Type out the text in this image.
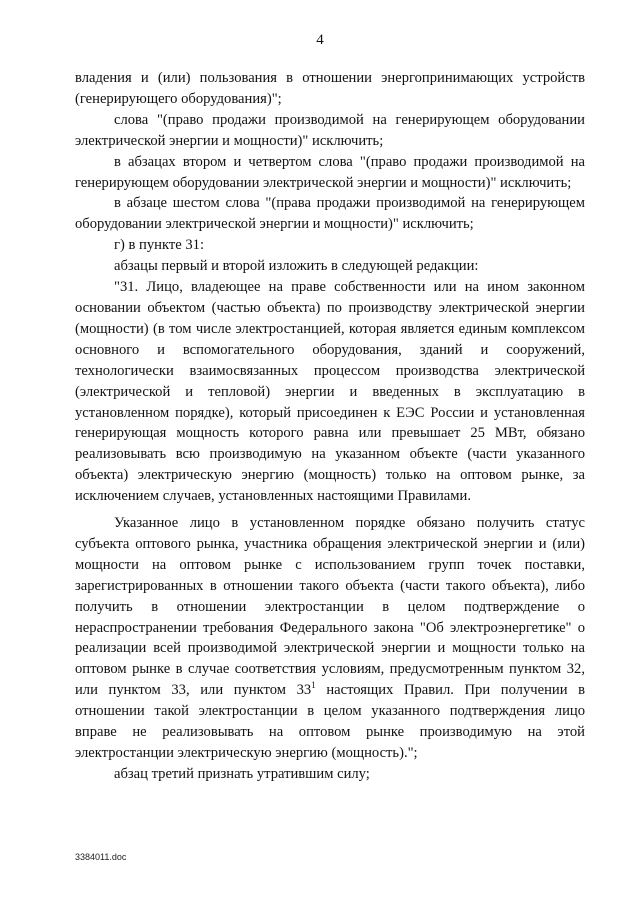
4

владения и (или) пользования в отношении энергопринимающих устройств (генерирующего оборудования)";

слова "(право продажи производимой на генерирующем оборудовании электрической энергии и мощности)" исключить;

в абзацах втором и четвертом слова "(право продажи производимой на генерирующем оборудовании электрической энергии и мощности)" исключить;

в абзаце шестом слова "(права продажи производимой на генерирующем оборудовании электрической энергии и мощности)" исключить;

г) в пункте 31:

абзацы первый и второй изложить в следующей редакции:

"31. Лицо, владеющее на праве собственности или на ином законном основании объектом (частью объекта) по производству электрической энергии (мощности) (в том числе электростанцией, которая является единым комплексом основного и вспомогательного оборудования, зданий и сооружений, технологически взаимосвязанных процессом производства электрической (электрической и тепловой) энергии и введенных в эксплуатацию в установленном порядке), который присоединен к ЕЭС России и установленная генерирующая мощность которого равна или превышает 25 МВт, обязано реализовывать всю производимую на указанном объекте (части указанного объекта) электрическую энергию (мощность) только на оптовом рынке, за исключением случаев, установленных настоящими Правилами.

Указанное лицо в установленном порядке обязано получить статус субъекта оптового рынка, участника обращения электрической энергии и (или) мощности на оптовом рынке с использованием групп точек поставки, зарегистрированных в отношении такого объекта (части такого объекта), либо получить в отношении электростанции в целом подтверждение о нераспространении требования Федерального закона "Об электроэнергетике" о реализации всей производимой электрической энергии и мощности только на оптовом рынке в случае соответствия условиям, предусмотренным пунктом 32, или пунктом 33, или пунктом $33^1$ настоящих Правил. При получении в отношении такой электростанции в целом указанного подтверждения лицо вправе не реализовывать на оптовом рынке производимую на этой электростанции электрическую энергию (мощность).";

абзац третий признать утратившим силу;

3384011.doc
